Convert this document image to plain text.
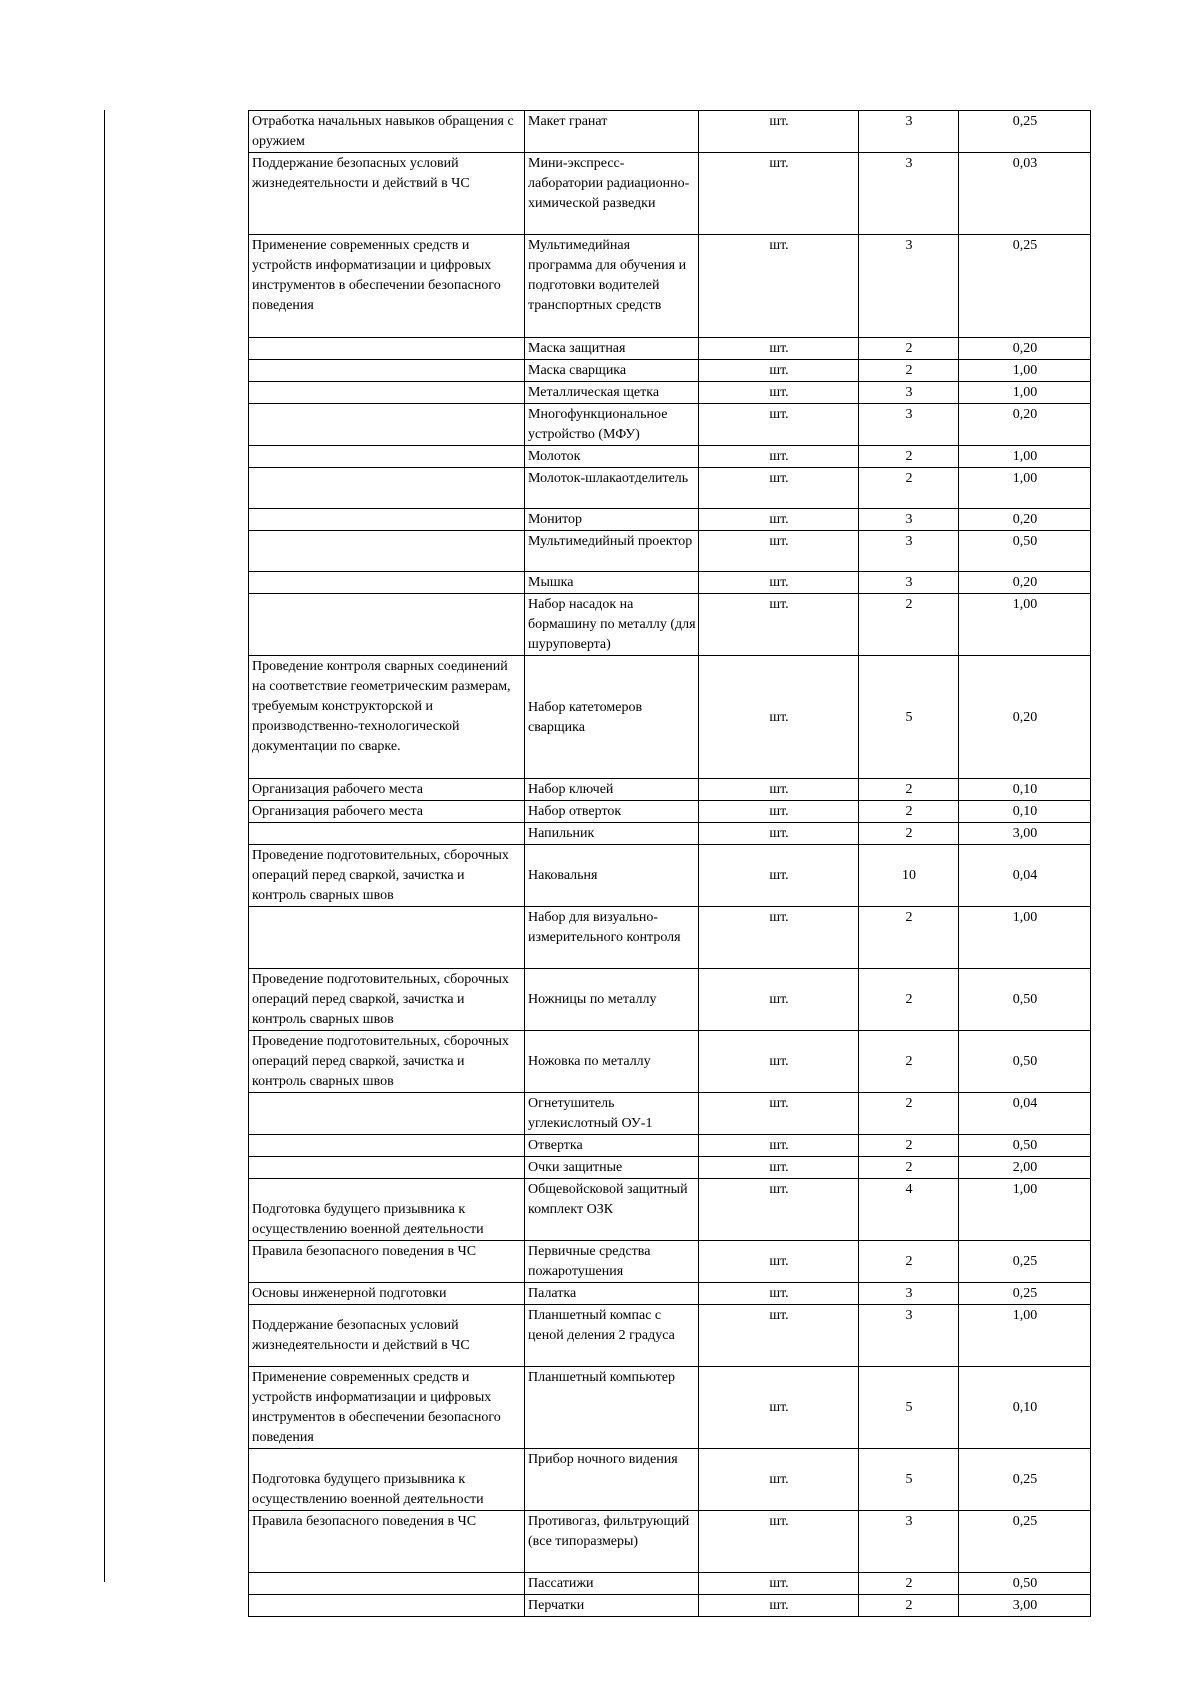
Отработка начальных навыков обращения с оружием	Макет гранат	шт.	3	0,25
Поддержание безопасных условий жизнедеятельности и действий в ЧС	Мини-экспресс-лаборатории радиационно-химической разведки	шт.	3	0,03
Применение современных средств и устройств информатизации и цифровых инструментов в обеспечении безопасного поведения	Мультимедийная программа для обучения и подготовки водителей транспортных средств	шт.	3	0,25
	Маска защитная	шт.	2	0,20
	Маска сварщика	шт.	2	1,00
	Металлическая щетка	шт.	3	1,00
	Многофункциональное устройство (МФУ)	шт.	3	0,20
	Молоток	шт.	2	1,00
	Молоток-шлакаотделитель	шт.	2	1,00
	Монитор	шт.	3	0,20
	Мультимедийный проектор	шт.	3	0,50
	Мышка	шт.	3	0,20
	Набор насадок на бормашину по металлу (для шуруповерта)	шт.	2	1,00
Проведение контроля сварных соединений на соответствие геометрическим размерам, требуемым конструкторской и производственно-технологической документации по сварке.	Набор катетомеров сварщика	шт.	5	0,20
Организация рабочего места	Набор ключей	шт.	2	0,10
Организация рабочего места	Набор отверток	шт.	2	0,10
	Напильник	шт.	2	3,00
Проведение подготовительных, сборочных операций перед сваркой, зачистка и контроль сварных швов	Наковальня	шт.	10	0,04
	Набор для визуально-измерительного контроля	шт.	2	1,00
Проведение подготовительных, сборочных операций перед сваркой, зачистка и контроль сварных швов	Ножницы по металлу	шт.	2	0,50
Проведение подготовительных, сборочных операций перед сваркой, зачистка и контроль сварных швов	Ножовка по металлу	шт.	2	0,50
	Огнетушитель углекислотный ОУ-1	шт.	2	0,04
	Отвертка	шт.	2	0,50
	Очки защитные	шт.	2	2,00
Подготовка будущего призывника к осуществлению военной деятельности	Общевойсковой защитный комплект ОЗК	шт.	4	1,00
Правила безопасного поведения в ЧС	Первичные средства пожаротушения	шт.	2	0,25
Основы инженерной подготовки	Палатка	шт.	3	0,25
Поддержание безопасных условий жизнедеятельности и действий в ЧС	Планшетный компас с ценой деления 2 градуса	шт.	3	1,00
Применение современных средств и устройств информатизации и цифровых инструментов в обеспечении безопасного поведения	Планшетный компьютер	шт.	5	0,10
Подготовка будущего призывника к осуществлению военной деятельности	Прибор ночного видения	шт.	5	0,25
Правила безопасного поведения в ЧС	Противогаз, фильтрующий (все типоразмеры)	шт.	3	0,25
	Пассатижи	шт.	2	0,50
	Перчатки	шт.	2	3,00
